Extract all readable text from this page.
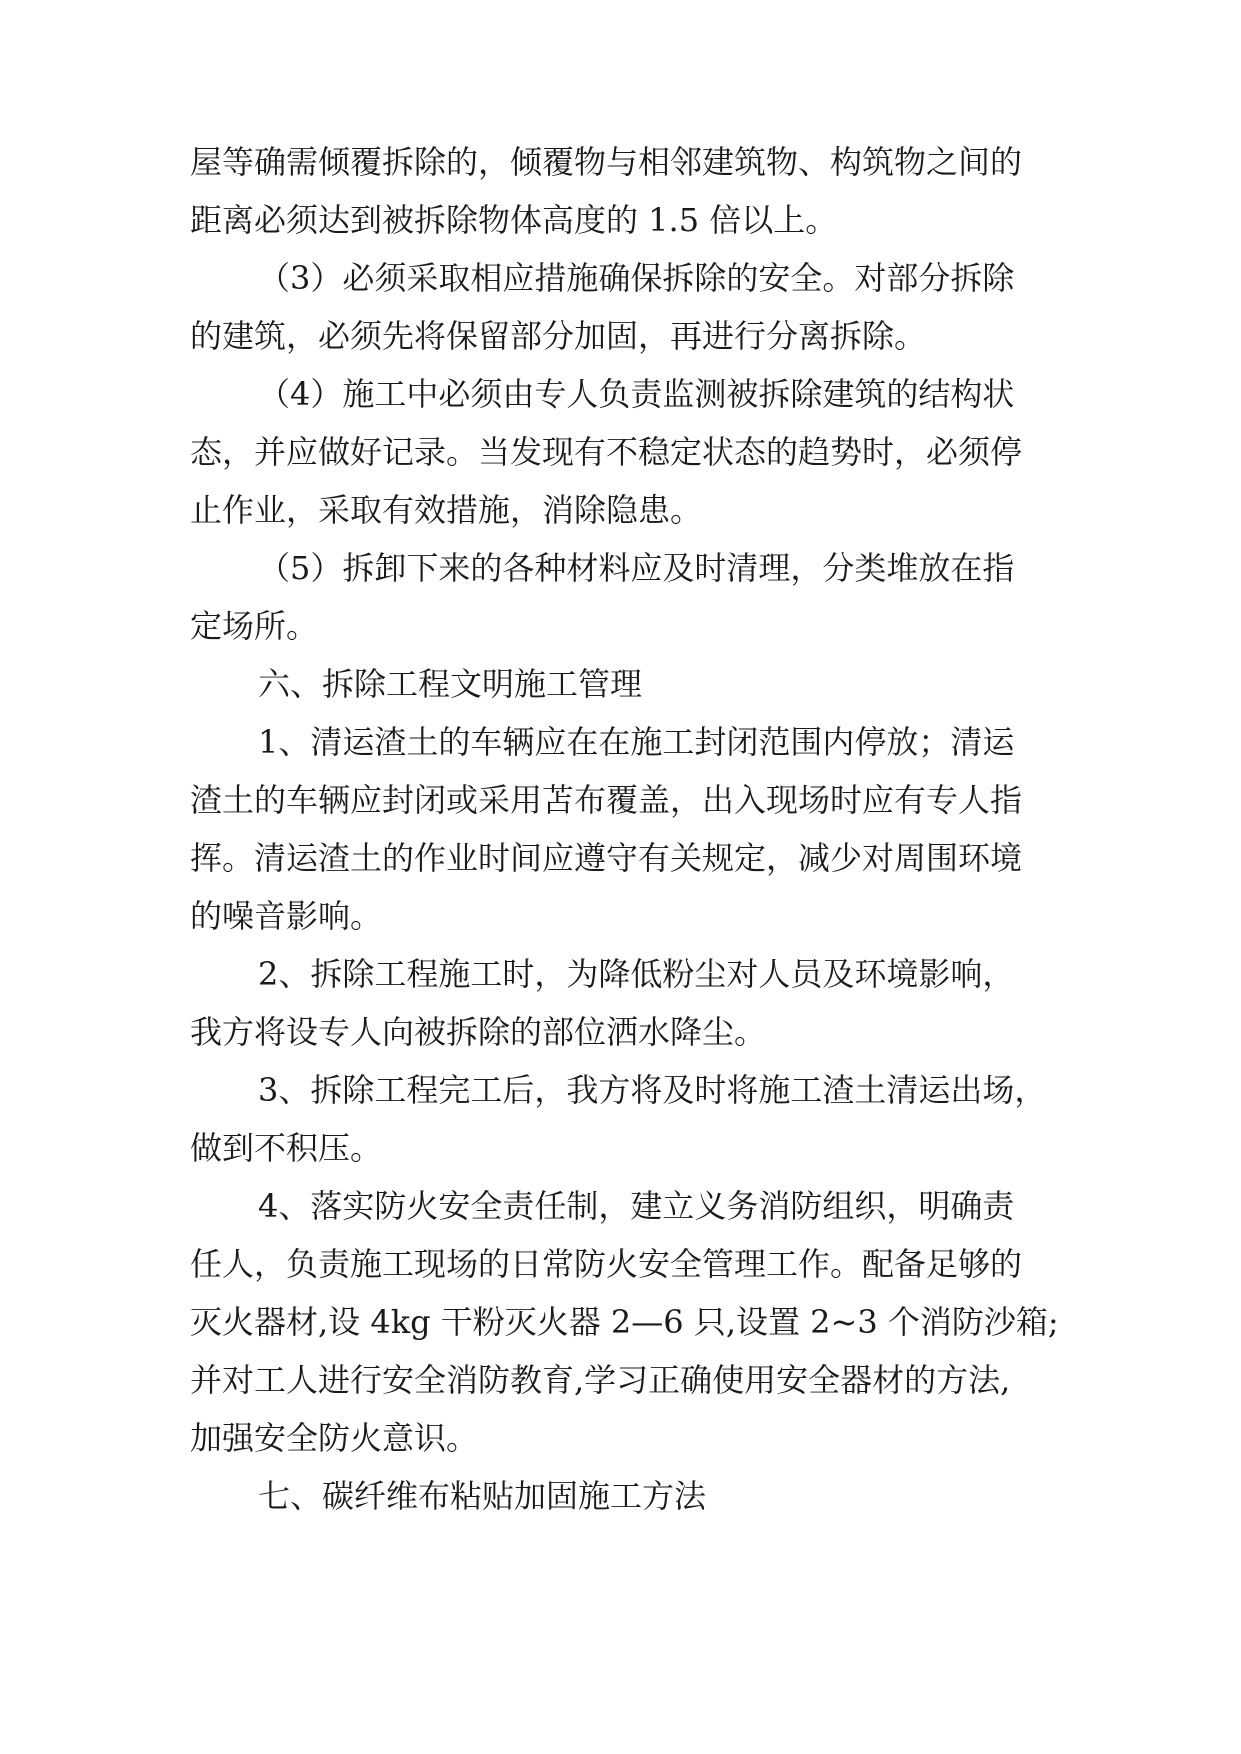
屋等确需倾覆拆除的，倾覆物与相邻建筑物、构筑物之间的
距离必须达到被拆除物体高度的 1.5 倍以上。
（3）必须采取相应措施确保拆除的安全。对部分拆除
的建筑，必须先将保留部分加固，再进行分离拆除。
（4）施工中必须由专人负责监测被拆除建筑的结构状
态，并应做好记录。当发现有不稳定状态的趋势时，必须停
止作业，采取有效措施，消除隐患。
（5）拆卸下来的各种材料应及时清理，分类堆放在指
定场所。
六、拆除工程文明施工管理
1、清运渣土的车辆应在在施工封闭范围内停放；清运
渣土的车辆应封闭或采用苫布覆盖，出入现场时应有专人指
挥。清运渣土的作业时间应遵守有关规定，减少对周围环境
的噪音影响。
2、拆除工程施工时，为降低粉尘对人员及环境影响，
我方将设专人向被拆除的部位洒水降尘。
3、拆除工程完工后，我方将及时将施工渣土清运出场，
做到不积压。
4、落实防火安全责任制，建立义务消防组织，明确责
任人，负责施工现场的日常防火安全管理工作。配备足够的
灭火器材,设 4kg 干粉灭火器 2—6 只,设置 2~3 个消防沙箱;
并对工人进行安全消防教育,学习正确使用安全器材的方法,
加强安全防火意识。
七、碳纤维布粘贴加固施工方法
